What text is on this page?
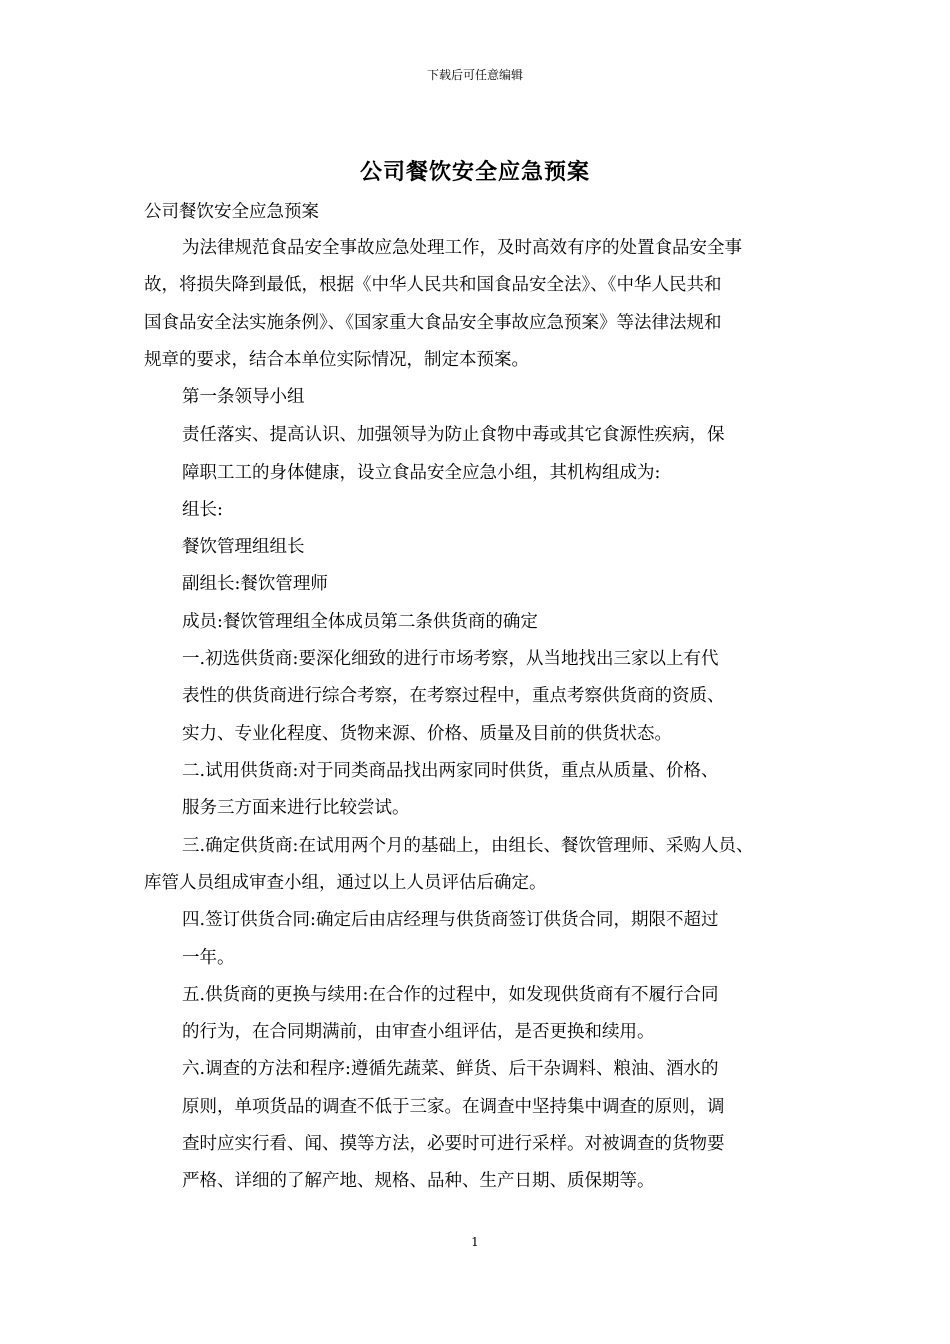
下载后可任意编辑
公司餐饮安全应急预案
公司餐饮安全应急预案
为法律规范食品安全事故应急处理工作，及时高效有序的处置食品安全事
故，将损失降到最低，根据《中华人民共和国食品安全法》、《中华人民共和
国食品安全法实施条例》、《国家重大食品安全事故应急预案》等法律法规和
规章的要求，结合本单位实际情况，制定本预案。
第一条领导小组
责任落实、提高认识、加强领导为防止食物中毒或其它食源性疾病，保
障职工工的身体健康，设立食品安全应急小组，其机构组成为:
组长:
餐饮管理组组长
副组长:餐饮管理师
成员:餐饮管理组全体成员第二条供货商的确定
一.初选供货商:要深化细致的进行市场考察，从当地找出三家以上有代
表性的供货商进行综合考察，在考察过程中，重点考察供货商的资质、
实力、专业化程度、货物来源、价格、质量及目前的供货状态。
二.试用供货商:对于同类商品找出两家同时供货，重点从质量、价格、
服务三方面来进行比较尝试。
三.确定供货商:在试用两个月的基础上，由组长、餐饮管理师、采购人员、
库管人员组成审查小组，通过以上人员评估后确定。
四.签订供货合同:确定后由店经理与供货商签订供货合同，期限不超过
一年。
五.供货商的更换与续用:在合作的过程中，如发现供货商有不履行合同
的行为，在合同期满前，由审查小组评估，是否更换和续用。
六.调查的方法和程序:遵循先蔬菜、鲜货、后干杂调料、粮油、酒水的
原则，单项货品的调查不低于三家。在调查中坚持集中调查的原则，调
查时应实行看、闻、摸等方法，必要时可进行采样。对被调查的货物要
严格、详细的了解产地、规格、品种、生产日期、质保期等。
1
